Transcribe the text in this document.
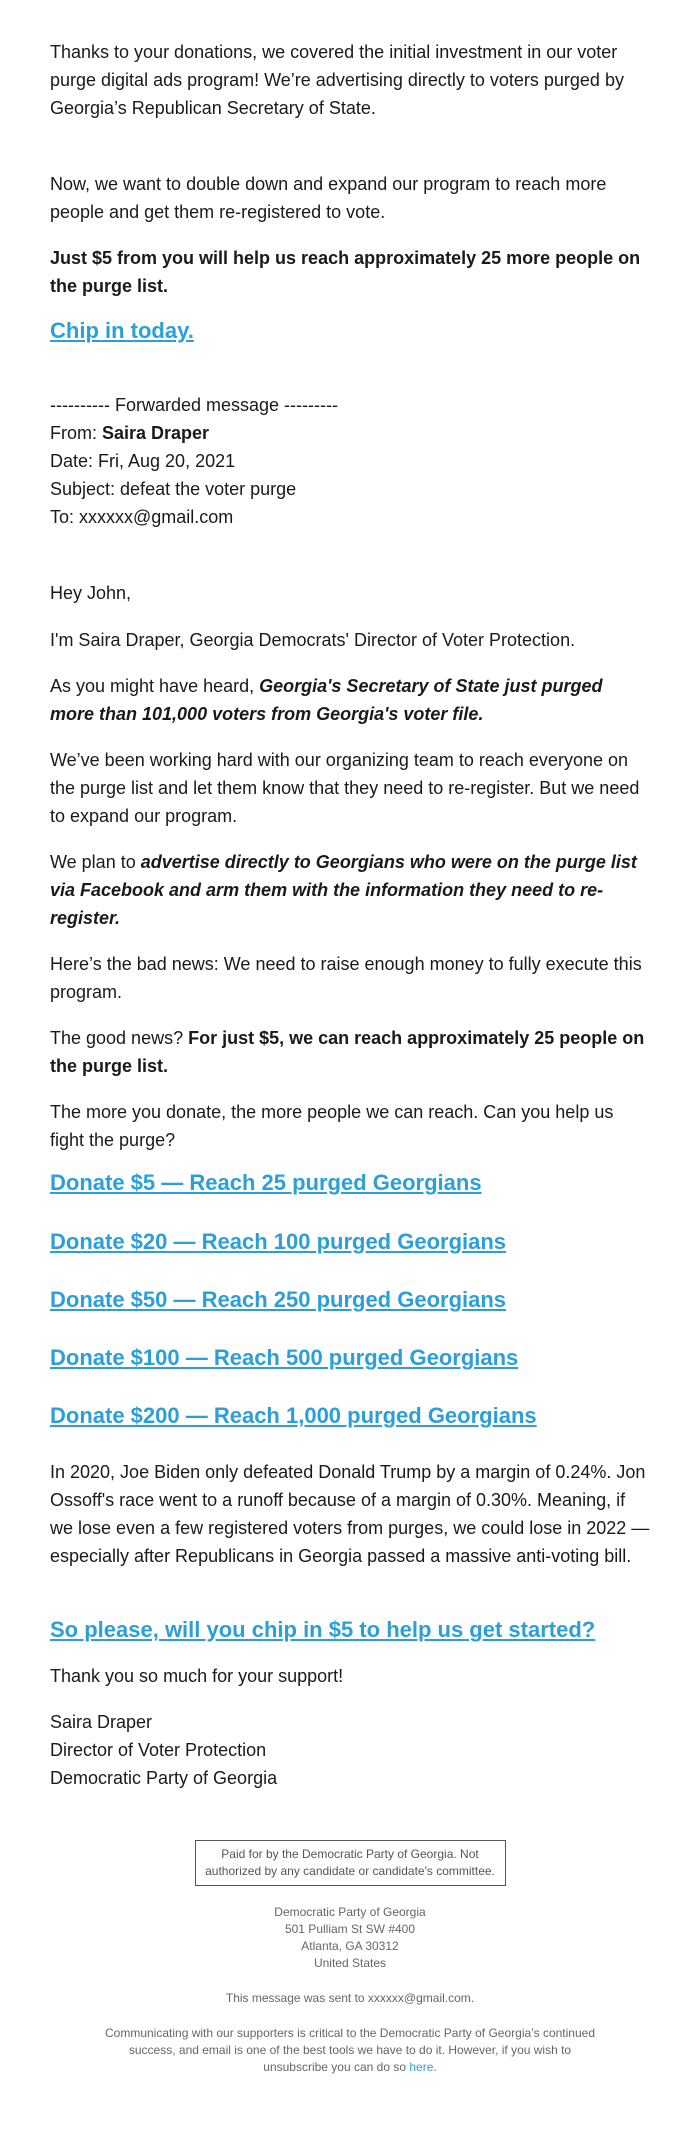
Thanks to your donations, we covered the initial investment in our voter purge digital ads program! We’re advertising directly to voters purged by Georgia’s Republican Secretary of State.

Now, we want to double down and expand our program to reach more people and get them re-registered to vote.

Just $5 from you will help us reach approximately 25 more people on the purge list.

Chip in today.
---------- Forwarded message ---------
From: Saira Draper
Date: Fri, Aug 20, 2021
Subject: defeat the voter purge
To: xxxxxx@gmail.com

Hey John,

I'm Saira Draper, Georgia Democrats' Director of Voter Protection.

As you might have heard, Georgia's Secretary of State just purged more than 101,000 voters from Georgia's voter file.

We’ve been working hard with our organizing team to reach everyone on the purge list and let them know that they need to re-register. But we need to expand our program.

We plan to advertise directly to Georgians who were on the purge list via Facebook and arm them with the information they need to re-register.

Here’s the bad news: We need to raise enough money to fully execute this program.

The good news? For just $5, we can reach approximately 25 people on the purge list.

The more you donate, the more people we can reach. Can you help us fight the purge?

Donate $5 — Reach 25 purged Georgians
Donate $20 — Reach 100 purged Georgians
Donate $50 — Reach 250 purged Georgians
Donate $100 — Reach 500 purged Georgians
Donate $200 — Reach 1,000 purged Georgians

In 2020, Joe Biden only defeated Donald Trump by a margin of 0.24%. Jon Ossoff's race went to a runoff because of a margin of 0.30%. Meaning, if we lose even a few registered voters from purges, we could lose in 2022 — especially after Republicans in Georgia passed a massive anti-voting bill.

So please, will you chip in $5 to help us get started?

Thank you so much for your support!

Saira Draper
Director of Voter Protection
Democratic Party of Georgia
Paid for by the Democratic Party of Georgia. Not authorized by any candidate or candidate's committee.
Democratic Party of Georgia
501 Pulliam St SW #400
Atlanta, GA 30312
United States
This message was sent to xxxxxx@gmail.com.
Communicating with our supporters is critical to the Democratic Party of Georgia’s continued success, and email is one of the best tools we have to do it. However, if you wish to unsubscribe you can do so here.
